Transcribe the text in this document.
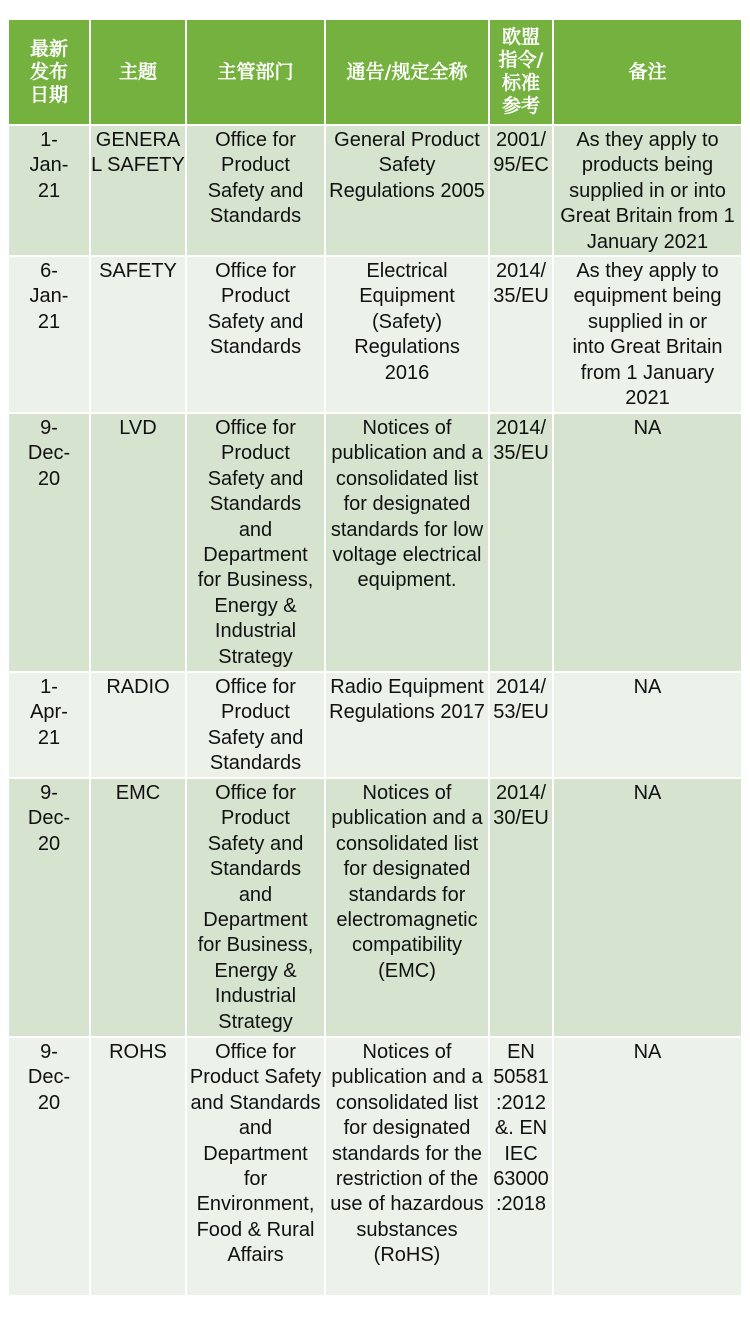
最新发布日期	主题	主管部门	通告/规定全称	欧盟指令/标准参考	备注
1-Jan-21	GENERAL SAFETY	Office for Product Safety and Standards	General Product Safety Regulations 2005	2001/95/EC	As they apply to products being supplied in or into Great Britain from 1 January 2021
6-Jan-21	SAFETY	Office for Product Safety and Standards	Electrical Equipment (Safety) Regulations 2016	2014/35/EU	As they apply to equipment being supplied in or into Great Britain from 1 January 2021
9-Dec-20	LVD	Office for Product Safety and Standards and Department for Business, Energy & Industrial Strategy	Notices of publication and a consolidated list for designated standards for low voltage electrical equipment.	2014/35/EU	NA
1-Apr-21	RADIO	Office for Product Safety and Standards	Radio Equipment Regulations 2017	2014/53/EU	NA
9-Dec-20	EMC	Office for Product Safety and Standards and Department for Business, Energy & Industrial Strategy	Notices of publication and a consolidated list for designated standards for electromagnetic compatibility (EMC)	2014/30/EU	NA
9-Dec-20	ROHS	Office for Product Safety and Standards and Department for Environment, Food & Rural Affairs	Notices of publication and a consolidated list for designated standards for the restriction of the use of hazardous substances (RoHS)	EN 50581:2012 &. EN IEC 63000:2018	NA
